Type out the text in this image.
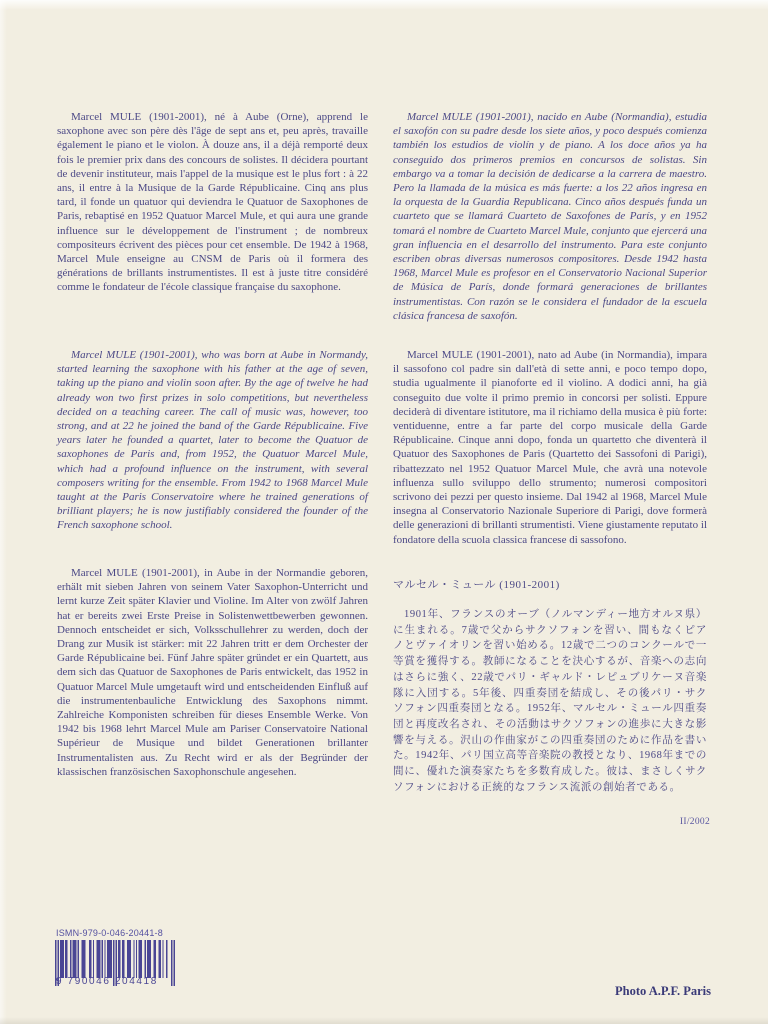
Marcel MULE (1901-2001), né à Aube (Orne), apprend le saxophone avec son père dès l'âge de sept ans et, peu après, travaille également le piano et le violon. À douze ans, il a déjà remporté deux fois le premier prix dans des concours de solistes. Il décidera pourtant de devenir instituteur, mais l'appel de la musique est le plus fort : à 22 ans, il entre à la Musique de la Garde Républicaine. Cinq ans plus tard, il fonde un quatuor qui deviendra le Quatuor de Saxophones de Paris, rebaptisé en 1952 Quatuor Marcel Mule, et qui aura une grande influence sur le développement de l'instrument ; de nombreux compositeurs écrivent des pièces pour cet ensemble. De 1942 à 1968, Marcel Mule enseigne au CNSM de Paris où il formera des générations de brillants instrumentistes. Il est à juste titre considéré comme le fondateur de l'école classique française du saxophone.

Marcel MULE (1901-2001), who was born at Aube in Normandy, started learning the saxophone with his father at the age of seven, taking up the piano and violin soon after. By the age of twelve he had already won two first prizes in solo competitions, but nevertheless decided on a teaching career. The call of music was, however, too strong, and at 22 he joined the band of the Garde Républicaine. Five years later he founded a quartet, later to become the Quatuor de saxophones de Paris and, from 1952, the Quatuor Marcel Mule, which had a profound influence on the instrument, with several composers writing for the ensemble. From 1942 to 1968 Marcel Mule taught at the Paris Conservatoire where he trained generations of brilliant players; he is now justifiably considered the founder of the French saxophone school.

Marcel MULE (1901-2001), in Aube in der Normandie geboren, erhält mit sieben Jahren von seinem Vater Saxophon-Unterricht und lernt kurze Zeit später Klavier und Violine. Im Alter von zwölf Jahren hat er bereits zwei Erste Preise in Solistenwettbewerben gewonnen. Dennoch entscheidet er sich, Volksschullehrer zu werden, doch der Drang zur Musik ist stärker: mit 22 Jahren tritt er dem Orchester der Garde Républicaine bei. Fünf Jahre später gründet er ein Quartett, aus dem sich das Quatuor de Saxophones de Paris entwickelt, das 1952 in Quatuor Marcel Mule umgetauft wird und entscheidenden Einfluß auf die instrumentenbauliche Entwicklung des Saxophons nimmt. Zahlreiche Komponisten schreiben für dieses Ensemble Werke. Von 1942 bis 1968 lehrt Marcel Mule am Pariser Conservatoire National Supérieur de Musique und bildet Generationen brillanter Instrumentalisten aus. Zu Recht wird er als der Begründer der klassischen französischen Saxophonschule angesehen.

Marcel MULE (1901-2001), nacido en Aube (Normandia), estudia el saxofón con su padre desde los siete años, y poco después comienza también los estudios de violín y de piano. A los doce años ya ha conseguido dos primeros premios en concursos de solistas. Sin embargo va a tomar la decisión de dedicarse a la carrera de maestro. Pero la llamada de la música es más fuerte: a los 22 años ingresa en la orquesta de la Guardia Republicana. Cinco años después funda un cuarteto que se llamará Cuarteto de Saxofones de París, y en 1952 tomará el nombre de Cuarteto Marcel Mule, conjunto que ejercerá una gran influencia en el desarrollo del instrumento. Para este conjunto escriben obras diversas numerosos compositores. Desde 1942 hasta 1968, Marcel Mule es profesor en el Conservatorio Nacional Superior de Música de París, donde formará generaciones de brillantes instrumentistas. Con razón se le considera el fundador de la escuela clásica francesa de saxofón.

Marcel MULE (1901-2001), nato ad Aube (in Normandia), impara il sassofono col padre sin dall'età di sette anni, e poco tempo dopo, studia ugualmente il pianoforte ed il violino. A dodici anni, ha già conseguito due volte il primo premio in concorsi per solisti. Eppure deciderà di diventare istitutore, ma il richiamo della musica è più forte: ventiduenne, entre a far parte del corpo musicale della Garde Républicaine. Cinque anni dopo, fonda un quartetto che diventerà il Quatuor des Saxophones de Paris (Quartetto dei Sassofoni di Parigi), ribattezzato nel 1952 Quatuor Marcel Mule, che avrà una notevole influenza sullo sviluppo dello strumento; numerosi compositori scrivono dei pezzi per questo insieme. Dal 1942 al 1968, Marcel Mule insegna al Conservatorio Nazionale Superiore di Parigi, dove formerà delle generazioni di brillanti strumentisti. Viene giustamente reputato il fondatore della scuola classica francese di sassofono.

マルセル・ミュール (1901-2001)

1901年、フランスのオーブ（ノルマンディー地方オルヌ県）に生まれる。7歳で父からサクソフォンを習い、間もなくピアノとヴァイオリンを習い始める。12歳で二つのコンクールで一等賞を獲得する。教師になることを決心するが、音楽への志向はさらに強く、22歳でパリ・ギャルド・レピュブリケーヌ音楽隊に入団する。5年後、四重奏団を結成し、その後パリ・サクソフォン四重奏団となる。1952年、マルセル・ミュール四重奏団と再度改名され、その活動はサクソフォンの進歩に大きな影響を与える。沢山の作曲家がこの四重奏団のために作品を書いた。1942年、パリ国立高等音楽院の教授となり、1968年までの間に、優れた演奏家たちを多数育成した。彼は、まさしくサクソフォンにおける正統的なフランス流派の創始者である。

II/2002
ISMN-979-0-046-20441-8
9 790046 204418
Photo A.P.F. Paris
